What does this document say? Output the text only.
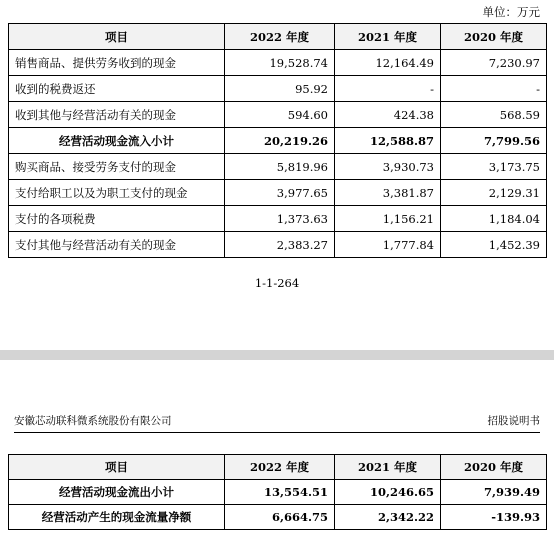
单位：万元
项目	2022 年度	2021 年度	2020 年度
销售商品、提供劳务收到的现金	19,528.74	12,164.49	7,230.97
收到的税费返还	95.92	-	-
收到其他与经营活动有关的现金	594.60	424.38	568.59
经营活动现金流入小计	20,219.26	12,588.87	7,799.56
购买商品、接受劳务支付的现金	5,819.96	3,930.73	3,173.75
支付给职工以及为职工支付的现金	3,977.65	3,381.87	2,129.31
支付的各项税费	1,373.63	1,156.21	1,184.04
支付其他与经营活动有关的现金	2,383.27	1,777.84	1,452.39
1-1-264
安徽芯动联科微系统股份有限公司	招股说明书
项目	2022 年度	2021 年度	2020 年度
经营活动现金流出小计	13,554.51	10,246.65	7,939.49
经营活动产生的现金流量净额	6,664.75	2,342.22	-139.93
